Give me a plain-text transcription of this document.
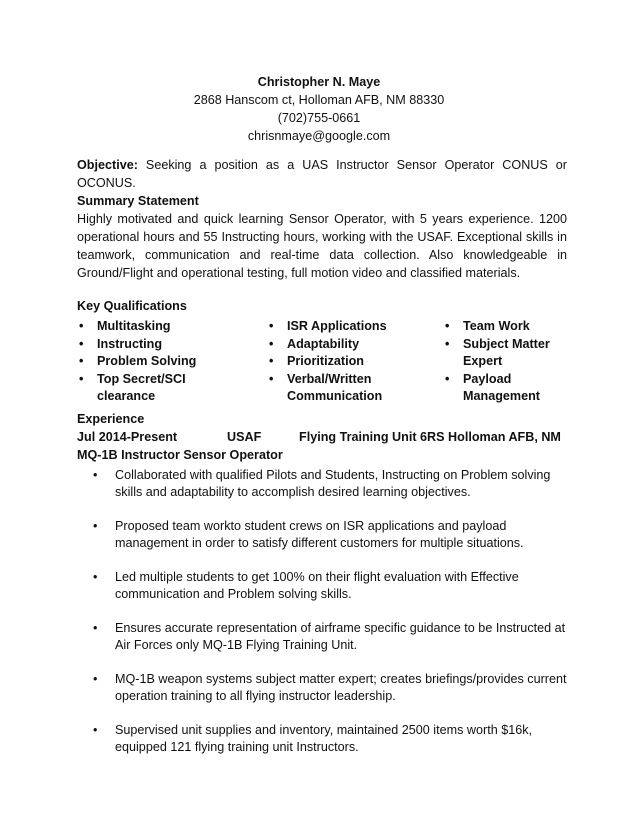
Christopher N. Maye
2868 Hanscom ct, Holloman AFB, NM 88330
(702)755-0661
chrisnmaye@google.com

Objective: Seeking a position as a UAS Instructor Sensor Operator CONUS or OCONUS.

Summary Statement

Highly motivated and quick learning Sensor Operator, with 5 years experience. 1200 operational hours and 55 Instructing hours, working with the USAF. Exceptional skills in teamwork, communication and real-time data collection. Also knowledgeable in Ground/Flight and operational testing, full motion video and classified materials.

Key Qualifications
• Multitasking
• Instructing
• Problem Solving
• Top Secret/SCI clearance
• ISR Applications
• Adaptability
• Prioritization
• Verbal/Written Communication
• Team Work
• Subject Matter Expert
• Payload Management
Experience
Jul 2014-Present	USAF	Flying Training Unit 6RS Holloman AFB, NM
MQ-1B Instructor Sensor Operator
• Collaborated with qualified Pilots and Students, Instructing on Problem solving skills and adaptability to accomplish desired learning objectives.
• Proposed team workto student crews on ISR applications and payload management in order to satisfy different customers for multiple situations.
• Led multiple students to get 100% on their flight evaluation with Effective communication and Problem solving skills.
• Ensures accurate representation of airframe specific guidance to be Instructed at Air Forces only MQ-1B Flying Training Unit.
• MQ-1B weapon systems subject matter expert; creates briefings/provides current operation training to all flying instructor leadership.
• Supervised unit supplies and inventory, maintained 2500 items worth $16k, equipped 121 flying training unit Instructors.
